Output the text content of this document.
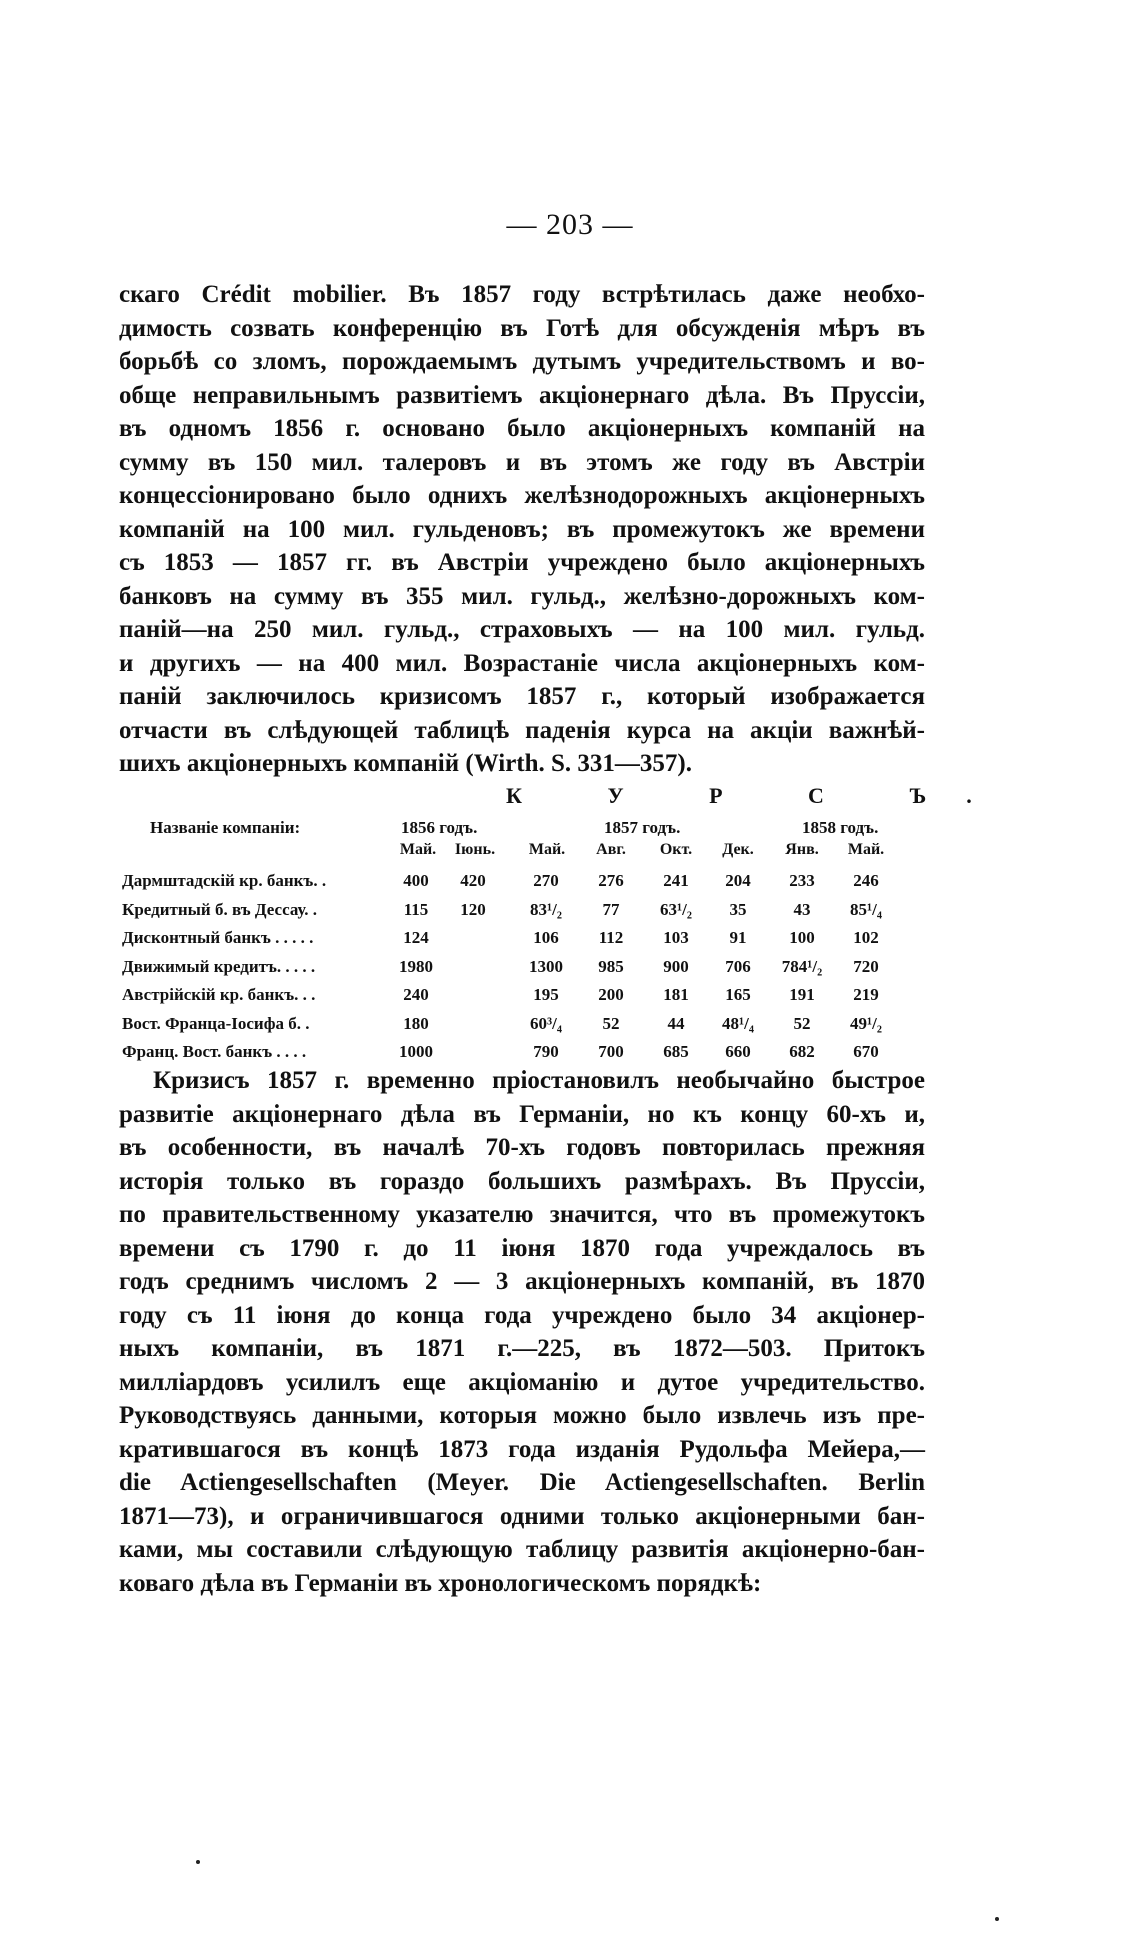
— 203 —
скаго Crédit mobilier. Въ 1857 году встрѣтилась даже необхо-
димость созвать конференцію въ Готѣ для обсужденія мѣръ въ
борьбѣ со зломъ, порождаемымъ дутымъ учредительствомъ и во-
обще неправильнымъ развитіемъ акціонернаго дѣла. Въ Пруссіи,
въ одномъ 1856 г. основано было акціонерныхъ компаній на
сумму въ 150 мил. талеровъ и въ этомъ же году въ Австріи
концессіонировано было однихъ желѣзнодорожныхъ акціонерныхъ
компаній на 100 мил. гульденовъ; въ промежутокъ же времени
съ 1853 — 1857 гг. въ Австріи учреждено было акціонерныхъ
банковъ на сумму въ 355 мил. гульд., желѣзно-дорожныхъ ком-
паній—на 250 мил. гульд., страховыхъ — на 100 мил. гульд.
и другихъ — на 400 мил. Возрастаніе числа акціонерныхъ ком-
паній заключилось кризисомъ 1857 г., который изображается
отчасти въ слѣдующей таблицѣ паденія курса на акціи важнѣй-
шихъ акціонерныхъ компаній (Wirth. S. 331—357).
К У Р С Ъ.
Названіе компаніи:	1856 годъ.	1857 годъ.	1858 годъ.
Май. Іюнь. Май. Авг. Окт. Дек. Янв. Май.
Дармштадскій кр. банкъ. .	400 420	270 276 241 204 233 246
Кредитный б. въ Дессау. .	115 120	83¹/₂ 77 63¹/₂ 35	43 85¹/₄
Дисконтный банкъ . . . . .	124	106 112 103 91	100 102
Движимый кредитъ. . . . .	1980	1300 985 900 706 784¹/₂ 720
Австрійскій кр. банкъ. . .	240	195 200 181 165 191 219
Вост. Франца-Іосифа б. .	180	60³/₄ 52	44 48¹/₄ 52 49¹/₂
Франц. Вост. банкъ . . . .	1000	790 700 685 660 682 670
Кризисъ 1857 г. временно пріостановилъ необычайно быстрое
развитіе акціонернаго дѣла въ Германіи, но къ концу 60-хъ и,
въ особенности, въ началѣ 70-хъ годовъ повторилась прежняя
исторія только въ гораздо большихъ размѣрахъ. Въ Пруссіи,
по правительственному указателю значится, что въ промежутокъ
времени съ 1790 г. до 11 іюня 1870 года учреждалось въ
годъ среднимъ числомъ 2 — 3 акціонерныхъ компаній, въ 1870
году съ 11 іюня до конца года учреждено было 34 акціонер-
ныхъ компаніи, въ 1871 г.—225, въ 1872—503. Притокъ
милліардовъ усилилъ еще акціоманію и дутое учредительство.
Руководствуясь данными, которыя можно было извлечь изъ пре-
кратившагося въ концѣ 1873 года изданія Рудольфа Мейера,—
die Actiengesellschaften (Meyer. Die Actiengesellschaften. Berlin
1871—73), и ограничившагося одними только акціонерными бан-
ками, мы составили слѣдующую таблицу развитія акціонерно-бан-
коваго дѣла въ Германіи въ хронологическомъ порядкѣ:
